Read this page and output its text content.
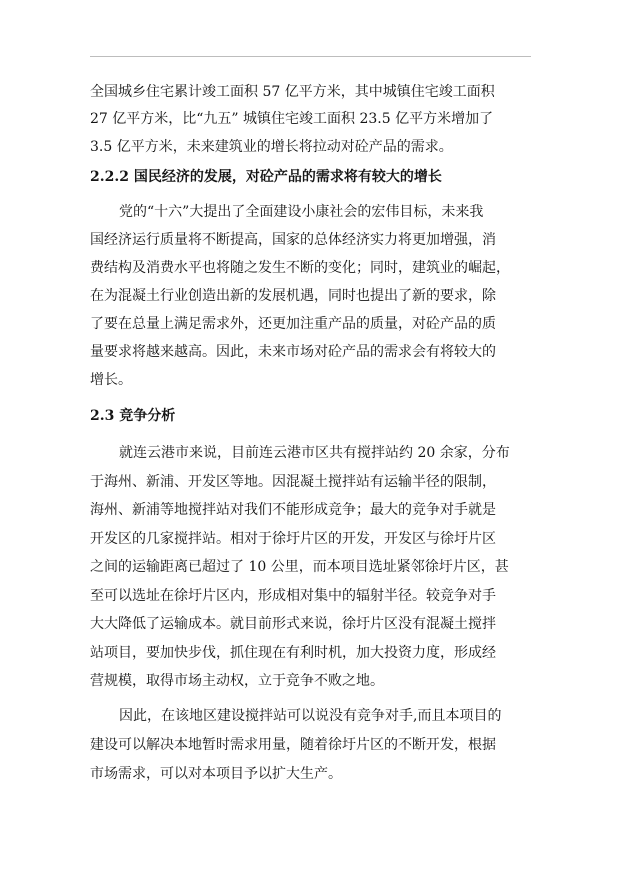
全国城乡住宅累计竣工面积 57 亿平方米，其中城镇住宅竣工面积
27 亿平方米，比“九五” 城镇住宅竣工面积 23.5 亿平方米增加了
3.5 亿平方米，未来建筑业的增长将拉动对砼产品的需求。
2.2.2 国民经济的发展，对砼产品的需求将有较大的增长
党的“十六”大提出了全面建设小康社会的宏伟目标，未来我
国经济运行质量将不断提高，国家的总体经济实力将更加增强，消
费结构及消费水平也将随之发生不断的变化；同时，建筑业的崛起，
在为混凝土行业创造出新的发展机遇，同时也提出了新的要求，除
了要在总量上满足需求外，还更加注重产品的质量，对砼产品的质
量要求将越来越高。因此，未来市场对砼产品的需求会有将较大的
增长。
2.3 竞争分析
就连云港市来说，目前连云港市区共有搅拌站约 20 余家，分布
于海州、新浦、开发区等地。因混凝土搅拌站有运输半径的限制，
海州、新浦等地搅拌站对我们不能形成竞争；最大的竞争对手就是
开发区的几家搅拌站。相对于徐圩片区的开发，开发区与徐圩片区
之间的运输距离已超过了 10 公里，而本项目选址紧邻徐圩片区，甚
至可以选址在徐圩片区内，形成相对集中的辐射半径。较竞争对手
大大降低了运输成本。就目前形式来说，徐圩片区没有混凝土搅拌
站项目，要加快步伐，抓住现在有利时机，加大投资力度，形成经
营规模，取得市场主动权，立于竞争不败之地。
因此，在该地区建设搅拌站可以说没有竞争对手,而且本项目的
建设可以解决本地暂时需求用量，随着徐圩片区的不断开发，根据
市场需求，可以对本项目予以扩大生产。
